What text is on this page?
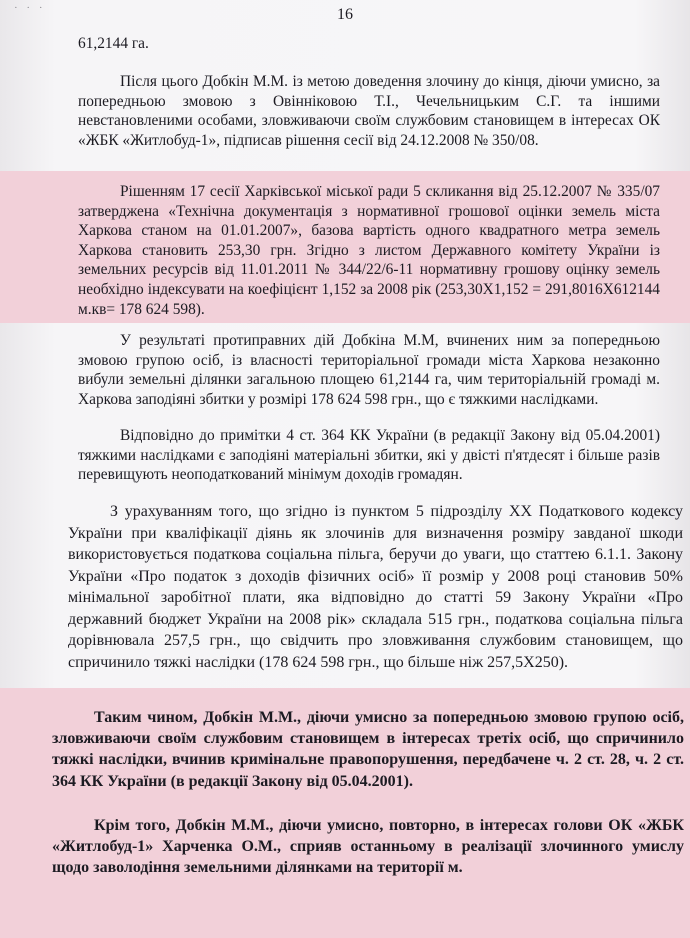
· · ·	16

61,2144 га.

Після цього Добкін М.М. із метою доведення злочину до кінця, діючи умисно, за попередньою змовою з Овінніковою Т.І., Чечельницьким С.Г. та іншими невстановленими особами, зловживаючи своїм службовим становищем в інтересах ОК «ЖБК «Житлобуд-1», підписав рішення сесії від 24.12.2008 № 350/08.

Рішенням 17 сесії Харківської міської ради 5 скликання від 25.12.2007 № 335/07 затверджена «Технічна документація з нормативної грошової оцінки земель міста Харкова станом на 01.01.2007», базова вартість одного квадратного метра земель Харкова становить 253,30 грн. Згідно з листом Державного комітету України із земельних ресурсів від 11.01.2011 № 344/22/6-11 нормативну грошову оцінку земель необхідно індексувати на коефіцієнт 1,152 за 2008 рік (253,30Х1,152 = 291,8016Х612144 м.кв= 178 624 598).

У результаті протиправних дій Добкіна М.М, вчинених ним за попередньою змовою групою осіб, із власності територіальної громади міста Харкова незаконно вибули земельні ділянки загальною площею 61,2144 га, чим територіальній громаді м. Харкова заподіяні збитки у розмірі 178 624 598 грн., що є тяжкими наслідками.

Відповідно до примітки 4 ст. 364 КК України (в редакції Закону від 05.04.2001) тяжкими наслідками є заподіяні матеріальні збитки, які у двісті п'ятдесят і більше разів перевищують неоподаткований мінімум доходів громадян.

З урахуванням того, що згідно із пунктом 5 підрозділу XX Податкового кодексу України при кваліфікації діянь як злочинів для визначення розміру завданої шкоди використовується податкова соціальна пільга, беручи до уваги, що статтею 6.1.1. Закону України «Про податок з доходів фізичних осіб» її розмір у 2008 році становив 50% мінімальної заробітної плати, яка відповідно до статті 59 Закону України «Про державний бюджет України на 2008 рік» складала 515 грн., податкова соціальна пільга дорівнювала 257,5 грн., що свідчить про зловживання службовим становищем, що спричинило тяжкі наслідки (178 624 598 грн., що більше ніж 257,5Х250).

Таким чином, Добкін М.М., діючи умисно за попередньою змовою групою осіб, зловживаючи своїм службовим становищем в інтересах третіх осіб, що спричинило тяжкі наслідки, вчинив кримінальне правопорушення, передбачене ч. 2 ст. 28, ч. 2 ст. 364 КК України (в редакції Закону від 05.04.2001).

Крім того, Добкін М.М., діючи умисно, повторно, в інтересах голови ОК «ЖБК «Житлобуд-1» Харченка О.М., сприяв останньому в реалізації злочинного умислу щодо заволодіння земельними ділянками на території м.
